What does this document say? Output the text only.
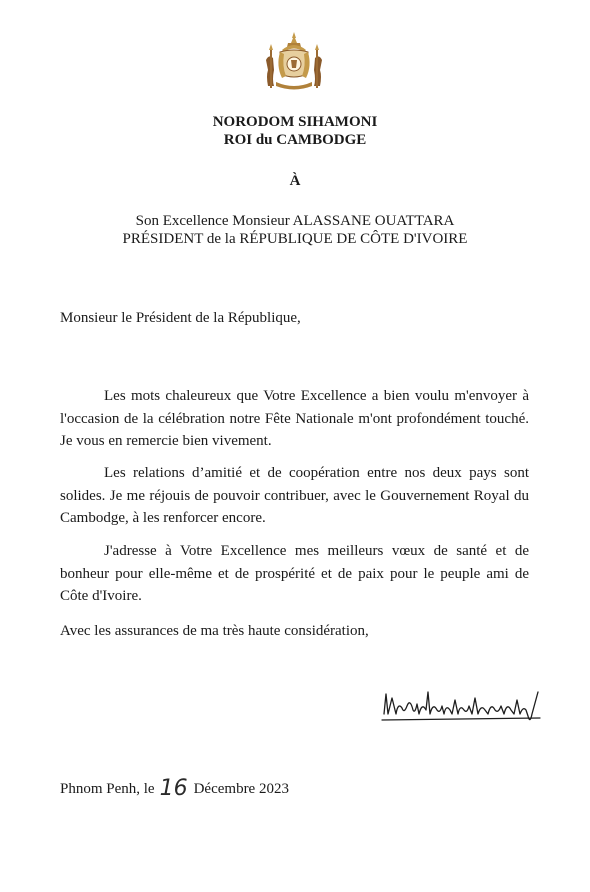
NORODOM SIHAMONI
ROI du CAMBODGE
À
Son Excellence Monsieur ALASSANE OUATTARA
PRÉSIDENT de la RÉPUBLIQUE DE CÔTE D'IVOIRE
Monsieur le Président de la République,

Les mots chaleureux que Votre Excellence a bien voulu m'envoyer à l'occasion de la célébration notre Fête Nationale m'ont profondément touché. Je vous en remercie bien vivement.

Les relations d’amitié et de coopération entre nos deux pays sont solides. Je me réjouis de pouvoir contribuer, avec le Gouvernement Royal du Cambodge, à les renforcer encore.

J'adresse à Votre Excellence mes meilleurs vœux de santé et de bonheur pour elle-même et de prospérité et de paix pour le peuple ami de Côte d'Ivoire.

Avec les assurances de ma très haute considération,
Phnom Penh, le 16 Décembre 2023
